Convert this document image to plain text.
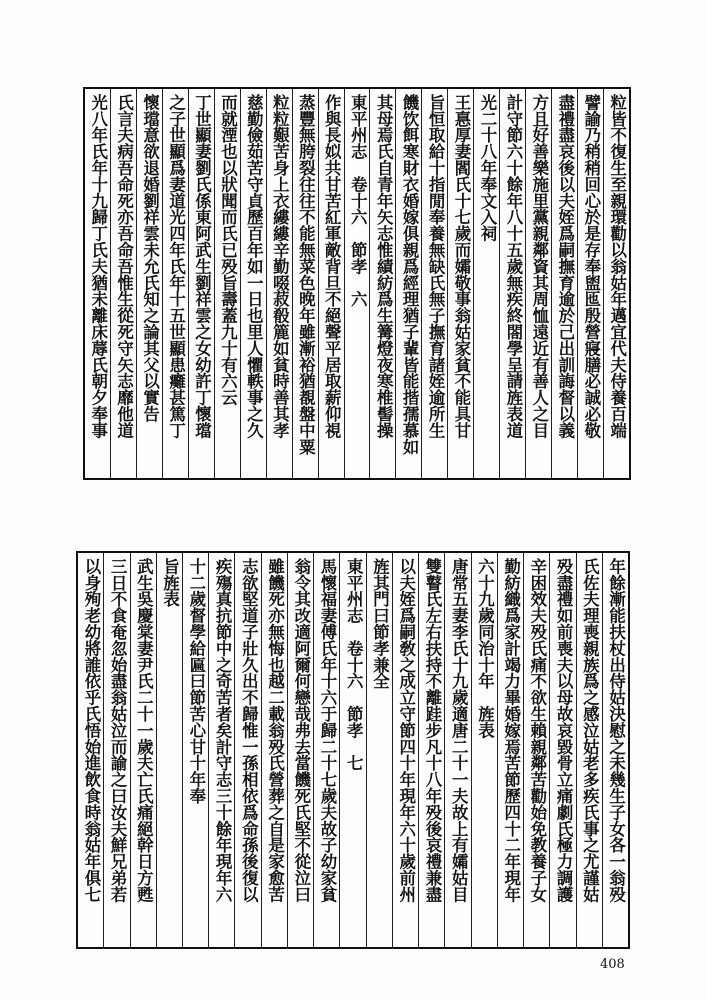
粒皆不復生至親環勸以翁姑年邁宜代夫侍養百端
譬諭乃稍稍回心於是存奉盥匜殷營寢膳必誠必敬
盡禮盡哀後以夫姪爲嗣撫育逾於己出訓誨督以義
方且好善樂施里黨親鄰資其周恤遠近有善人之目
計守節六十餘年八十五歲無疾終閤學呈請旌表道
光二十八年奉文入祠
王惪厚妻閻氏十七歲而孀敬事翁姑家貧不能具甘
旨恒取給十指閒奉養無缺氏無子撫育諸姪逾所生
饑饮餌寒財衣婚嫁俱親爲經理猶子輩皆能揩孺慕如
其母焉氏自青年矢志惟績紡爲生篝燈夜寒椎髻操
東平州志　卷十六　節孝　六
作與長姒共甘苦紅軍敵背旦不絕聲平居取薪仰視
蒸豐無胯裂往往不能無菜色晚年雖漸裕猶覩盤中粟
粒粒艱苦身上衣縷縷辛勤啜菽殽簏如貧時善其孝
慈勤儉茹苦守貞歷百年如一日也里人懼軼事之久
而就湮也以狀聞而氏已殁旨壽蓋九十有六云
丁世顯妻劉氏係東阿武生劉祥雲之女幼許丁懷璫
之子世顯爲妻道光四年氏年十五世顯患癱甚篤丁
懷璫意欲退婚劉祥雲未允氏知之論其父以實告
氏言夫病吾命死亦吾命吾惟生從死守矢志靡他道
光八年氏年十九歸丁氏夫猶未離床蓐氏朝夕奉事
年餘漸能扶杖出侍姑決慰之未幾生子女各一翁殁
氏佐夫理喪親族爲之感泣姑老多疾氏事之尤謹姑
殁盡禮如前喪夫以母故哀毀骨立痛劇氏極力調護
辛困效夫殁氏痛不欲生賴親鄰苦勸始免教養子女
勤紡織爲家計竭力畢婚嫁焉苦節歷四十二年現年
六十九歲同治十年　旌表
唐常五妻李氏十九歲適唐二十一夫故上有孀姑目
雙瞽氏左右扶持不離跬步凡十八年殁後哀禮兼盡
以夫姪爲嗣敎之成立守節四十年現年六十歲前州
旌其門曰節孝兼全
東平州志　卷十六　節孝　七
馬懷福妻傅氏年十六于歸二十七歲夫故子幼家貧
翁令其改適阿爾何戀哉弗去當饑死氏堅不從泣曰
雖饑死亦無悔也越二載翁殁氏營葬之自是家愈苦
志欲堅道子壯久出不歸惟一孫相依爲命孫後復以
疾殤真抗節中之奇苦者矣計守志三十餘年現年六
十二歲督學給匾曰節苦心甘十年奉
旨旌表
武生吳慶棠妻尹氏二十一歲夫亡氏痛絕幹日方甦
三日不食奄忽始盡翁姑泣而諭之曰汝夫鮮兄弟若
以身殉老幼將誰依乎氏悟始進飲食時翁姑年俱七
408
